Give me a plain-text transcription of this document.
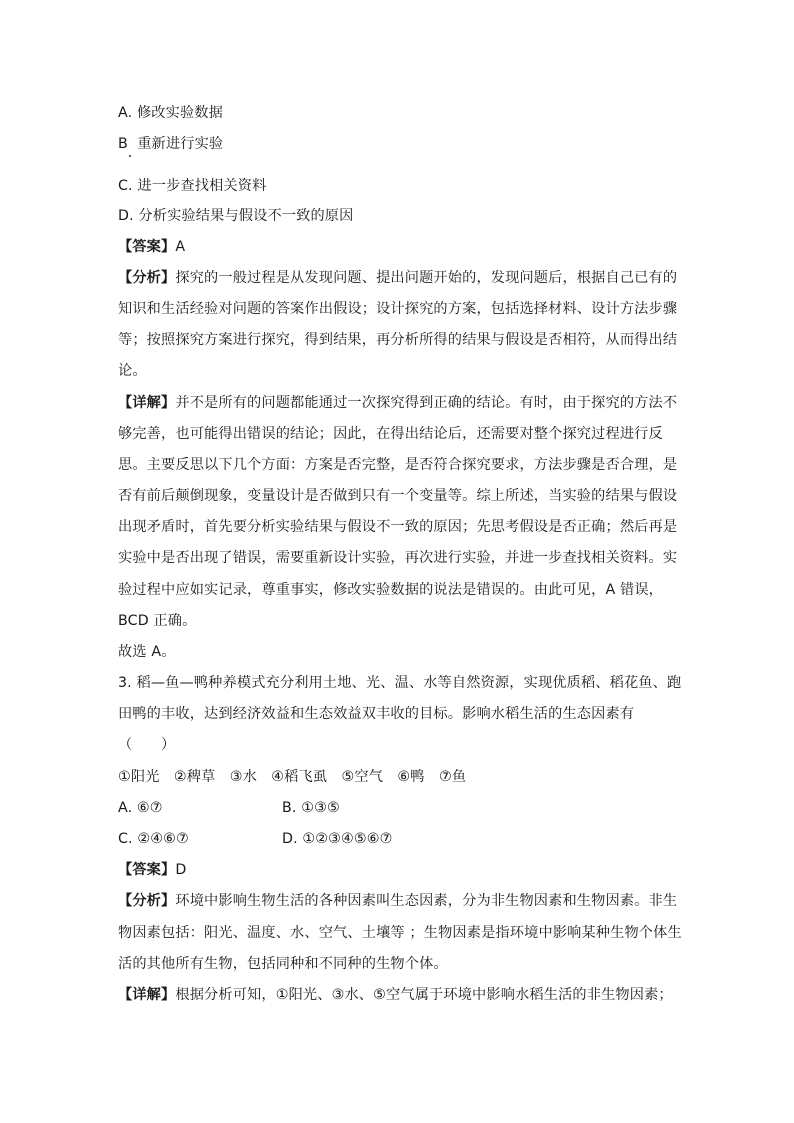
A. 修改实验数据
B 重新进行实验
C. 进一步查找相关资料
D. 分析实验结果与假设不一致的原因
【答案】A
【分析】探究的一般过程是从发现问题、提出问题开始的，发现问题后，根据自己已有的
知识和生活经验对问题的答案作出假设；设计探究的方案，包括选择材料、设计方法步骤
等；按照探究方案进行探究，得到结果，再分析所得的结果与假设是否相符，从而得出结
论。
【详解】并不是所有的问题都能通过一次探究得到正确的结论。有时，由于探究的方法不
够完善，也可能得出错误的结论；因此，在得出结论后，还需要对整个探究过程进行反
思。主要反思以下几个方面：方案是否完整，是否符合探究要求，方法步骤是否合理，是
否有前后颠倒现象，变量设计是否做到只有一个变量等。综上所述，当实验的结果与假设
出现矛盾时，首先要分析实验结果与假设不一致的原因；先思考假设是否正确；然后再是
实验中是否出现了错误，需要重新设计实验，再次进行实验，并进一步查找相关资料。实
验过程中应如实记录，尊重事实，修改实验数据的说法是错误的。由此可见，A 错误，
BCD 正确。
故选 A。
3. 稻—鱼—鸭种养模式充分利用土地、光、温、水等自然资源，实现优质稻、稻花鱼、跑
田鸭的丰收，达到经济效益和生态效益双丰收的目标。影响水稻生活的生态因素有
（　　）
①阳光　②稗草　③水　④稻飞虱　⑤空气　⑥鸭　⑦鱼
A. ⑥⑦	B. ①③⑤
C. ②④⑥⑦	D. ①②③④⑤⑥⑦
【答案】D
【分析】环境中影响生物生活的各种因素叫生态因素，分为非生物因素和生物因素。非生
物因素包括：阳光、温度、水、空气、土壤等 ；生物因素是指环境中影响某种生物个体生
活的其他所有生物，包括同种和不同种的生物个体。
【详解】根据分析可知，①阳光、③水、⑤空气属于环境中影响水稻生活的非生物因素；
